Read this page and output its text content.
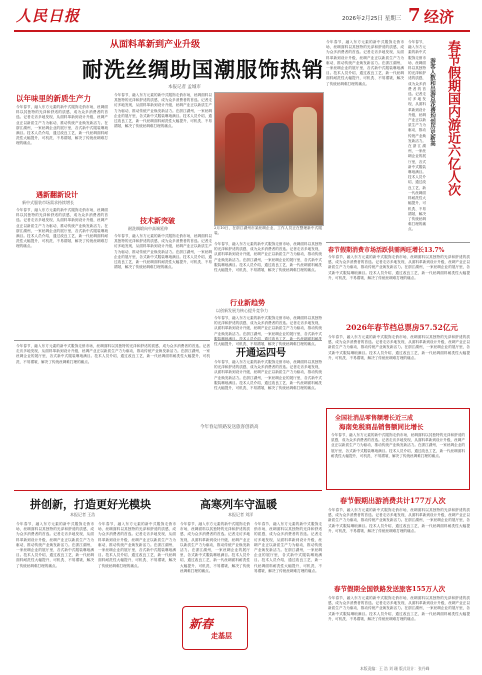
人民日报	2026年2月25日 星期三 7 经济
从面料革新到产业升级
耐洗丝绸助国潮服饰热销
本报记者 孟城市
以年味里的新质生产力
今年春节，融入东方元素的新中式服饰走俏市场，丝绸面料以其独特的光泽和舒适的质感，成为众多消费者的首选。记者走访多地发现，从面料革新到设计升级，丝绸产业正以新质生产力为驱动，推动传统产业焕发新活力。在浙江湖州，一家丝绸企业的展厅里，各式新中式服装琳琅满目。技术人员介绍，通过改良工艺，新一代丝绸面料耐洗性大幅提升，可机洗、不易褶皱，解决了传统丝绸难打理的痛点。
遇新翻新设计
新中式服装市场需求持续增长
今年春节，融入东方元素的新中式服饰走俏市场，丝绸面料以其独特的光泽和舒适的质感，成为众多消费者的首选。记者走访多地发现，从面料革新到设计升级，丝绸产业正以新质生产力为驱动，推动传统产业焕发新活力。在浙江湖州，一家丝绸企业的展厅里，各式新中式服装琳琅满目。技术人员介绍，通过改良工艺，新一代丝绸面料耐洗性大幅提升，可机洗、不易褶皱，解决了传统丝绸难打理的痛点。
今年春节，融入东方元素的新中式服饰走俏市场，丝绸面料以其独特的光泽和舒适的质感，成为众多消费者的首选。记者走访多地发现，从面料革新到设计升级，丝绸产业正以新质生产力为驱动，推动传统产业焕发新活力。在浙江湖州，一家丝绸企业的展厅里，各式新中式服装琳琅满目。技术人员介绍，通过改良工艺，新一代丝绸面料耐洗性大幅提升，可机洗、不易褶皱，解决了传统丝绸难打理的痛点。
技术新突破
耐洗绸缎向中高端延伸
今年春节，融入东方元素的新中式服饰走俏市场，丝绸面料以其独特的光泽和舒适的质感，成为众多消费者的首选。记者走访多地发现，从面料革新到设计升级，丝绸产业正以新质生产力为驱动，推动传统产业焕发新活力。在浙江湖州，一家丝绸企业的展厅里，各式新中式服装琳琅满目。技术人员介绍，通过改良工艺，新一代丝绸面料耐洗性大幅提升，可机洗、不易褶皱，解决了传统丝绸难打理的痛点。
2月10日，在浙江湖州市某丝绸企业，工作人员正在整理新中式服装。
今年春节，融入东方元素的新中式服饰走俏市场，丝绸面料以其独特的光泽和舒适的质感，成为众多消费者的首选。记者走访多地发现，从面料革新到设计升级，丝绸产业正以新质生产力为驱动，推动传统产业焕发新活力。在浙江湖州，一家丝绸企业的展厅里，各式新中式服装琳琅满目。技术人员介绍，通过改良工艺，新一代丝绸面料耐洗性大幅提升，可机洗、不易褶皱，解决了传统丝绸难打理的痛点。
行业新趋势
以创新发展为核心提升竞争力
今年春节，融入东方元素的新中式服饰走俏市场，丝绸面料以其独特的光泽和舒适的质感，成为众多消费者的首选。记者走访多地发现，从面料革新到设计升级，丝绸产业正以新质生产力为驱动，推动传统产业焕发新活力。在浙江湖州，一家丝绸企业的展厅里，各式新中式服装琳琅满目。技术人员介绍，通过改良工艺，新一代丝绸面料耐洗性大幅提升，可机洗、不易褶皱，解决了传统丝绸难打理的痛点。
今年春节，融入东方元素的新中式服饰走俏市场，丝绸面料以其独特的光泽和舒适的质感，成为众多消费者的首选。记者走访多地发现，从面料革新到设计升级，丝绸产业正以新质生产力为驱动，推动传统产业焕发新活力。在浙江湖州，一家丝绸企业的展厅里，各式新中式服装琳琅满目。技术人员介绍，通过改良工艺，新一代丝绸面料耐洗性大幅提升，可机洗、不易褶皱，解决了传统丝绸难打理的痛点。	春节假期国内游近六亿人次
游客人数和出游总花费均创历史新高
今年春节，融入东方元素的新中式服饰走俏市场，丝绸面料以其独特的光泽和舒适的质感，成为众多消费者的首选。记者走访多地发现，从面料革新到设计升级，丝绸产业正以新质生产力为驱动，推动传统产业焕发新活力。在浙江湖州，一家丝绸企业的展厅里，各式新中式服装琳琅满目。技术人员介绍，通过改良工艺，新一代丝绸面料耐洗性大幅提升，可机洗、不易褶皱，解决了传统丝绸难打理的痛点。
春节假期消费市场活跃供需两旺增长13.7%
今年春节，融入东方元素的新中式服饰走俏市场，丝绸面料以其独特的光泽和舒适的质感，成为众多消费者的首选。记者走访多地发现，从面料革新到设计升级，丝绸产业正以新质生产力为驱动，推动传统产业焕发新活力。在浙江湖州，一家丝绸企业的展厅里，各式新中式服装琳琅满目。技术人员介绍，通过改良工艺，新一代丝绸面料耐洗性大幅提升，可机洗、不易褶皱，解决了传统丝绸难打理的痛点。
2026年春节档总票房57.52亿元
今年春节，融入东方元素的新中式服饰走俏市场，丝绸面料以其独特的光泽和舒适的质感，成为众多消费者的首选。记者走访多地发现，从面料革新到设计升级，丝绸产业正以新质生产力为驱动，推动传统产业焕发新活力。在浙江湖州，一家丝绸企业的展厅里，各式新中式服装琳琅满目。技术人员介绍，通过改良工艺，新一代丝绸面料耐洗性大幅提升，可机洗、不易褶皱，解决了传统丝绸难打理的痛点。
全国社消品零售额增长近三成
海南免税商品销售额同比增长
今年春节，融入东方元素的新中式服饰走俏市场，丝绸面料以其独特的光泽和舒适的质感，成为众多消费者的首选。记者走访多地发现，从面料革新到设计升级，丝绸产业正以新质生产力为驱动，推动传统产业焕发新活力。在浙江湖州，一家丝绸企业的展厅里，各式新中式服装琳琅满目。技术人员介绍，通过改良工艺，新一代丝绸面料耐洗性大幅提升，可机洗、不易褶皱，解决了传统丝绸难打理的痛点。
春节假期出游消费共计177万人次
今年春节，融入东方元素的新中式服饰走俏市场，丝绸面料以其独特的光泽和舒适的质感，成为众多消费者的首选。记者走访多地发现，从面料革新到设计升级，丝绸产业正以新质生产力为驱动，推动传统产业焕发新活力。在浙江湖州，一家丝绸企业的展厅里，各式新中式服装琳琅满目。技术人员介绍，通过改良工艺，新一代丝绸面料耐洗性大幅提升，可机洗、不易褶皱，解决了传统丝绸难打理的痛点。
春节假期全国铁路发送旅客155万人次
今年春节，融入东方元素的新中式服饰走俏市场，丝绸面料以其独特的光泽和舒适的质感，成为众多消费者的首选。记者走访多地发现，从面料革新到设计升级，丝绸产业正以新质生产力为驱动，推动传统产业焕发新活力。在浙江湖州，一家丝绸企业的展厅里，各式新中式服装琳琅满目。技术人员介绍，通过改良工艺，新一代丝绸面料耐洗性大幅提升，可机洗、不易褶皱，解决了传统丝绸难打理的痛点。
开通运四号
今年春节，融入东方元素的新中式服饰走俏市场，丝绸面料以其独特的光泽和舒适的质感，成为众多消费者的首选。记者走访多地发现，从面料革新到设计升级，丝绸产业正以新质生产力为驱动，推动传统产业焕发新活力。在浙江湖州，一家丝绸企业的展厅里，各式新中式服装琳琅满目。技术人员介绍，通过改良工艺，新一代丝绸面料耐洗性大幅提升，可机洗、不易褶皱，解决了传统丝绸难打理的痛点。
今年春节，融入东方元素的新中式服饰走俏市场，丝绸面料以其独特的光泽和舒适的质感，成为众多消费者的首选。记者走访多地发现，从面料革新到设计升级，丝绸产业正以新质生产力为驱动，推动传统产业焕发新活力。在浙江湖州，一家丝绸企业的展厅里，各式新中式服装琳琅满目。技术人员介绍，通过改良工艺，新一代丝绸面料耐洗性大幅提升，可机洗、不易褶皱，解决了传统丝绸难打理的痛点。
今年春运铁路发送旅客创新高
拼创新，打造更好光模块
本报记者 王浩
今年春节，融入东方元素的新中式服饰走俏市场，丝绸面料以其独特的光泽和舒适的质感，成为众多消费者的首选。记者走访多地发现，从面料革新到设计升级，丝绸产业正以新质生产力为驱动，推动传统产业焕发新活力。在浙江湖州，一家丝绸企业的展厅里，各式新中式服装琳琅满目。技术人员介绍，通过改良工艺，新一代丝绸面料耐洗性大幅提升，可机洗、不易褶皱，解决了传统丝绸难打理的痛点。
今年春节，融入东方元素的新中式服饰走俏市场，丝绸面料以其独特的光泽和舒适的质感，成为众多消费者的首选。记者走访多地发现，从面料革新到设计升级，丝绸产业正以新质生产力为驱动，推动传统产业焕发新活力。在浙江湖州，一家丝绸企业的展厅里，各式新中式服装琳琅满目。技术人员介绍，通过改良工艺，新一代丝绸面料耐洗性大幅提升，可机洗、不易褶皱，解决了传统丝绸难打理的痛点。
高寒列车守温暖
本报记者 刘洋
今年春节，融入东方元素的新中式服饰走俏市场，丝绸面料以其独特的光泽和舒适的质感，成为众多消费者的首选。记者走访多地发现，从面料革新到设计升级，丝绸产业正以新质生产力为驱动，推动传统产业焕发新活力。在浙江湖州，一家丝绸企业的展厅里，各式新中式服装琳琅满目。技术人员介绍，通过改良工艺，新一代丝绸面料耐洗性大幅提升，可机洗、不易褶皱，解决了传统丝绸难打理的痛点。
今年春节，融入东方元素的新中式服饰走俏市场，丝绸面料以其独特的光泽和舒适的质感，成为众多消费者的首选。记者走访多地发现，从面料革新到设计升级，丝绸产业正以新质生产力为驱动，推动传统产业焕发新活力。在浙江湖州，一家丝绸企业的展厅里，各式新中式服装琳琅满目。技术人员介绍，通过改良工艺，新一代丝绸面料耐洗性大幅提升，可机洗、不易褶皱，解决了传统丝绸难打理的痛点。
新春
走基层
本版责编：王 浩 刘 珊 版式设计：张丹峰
